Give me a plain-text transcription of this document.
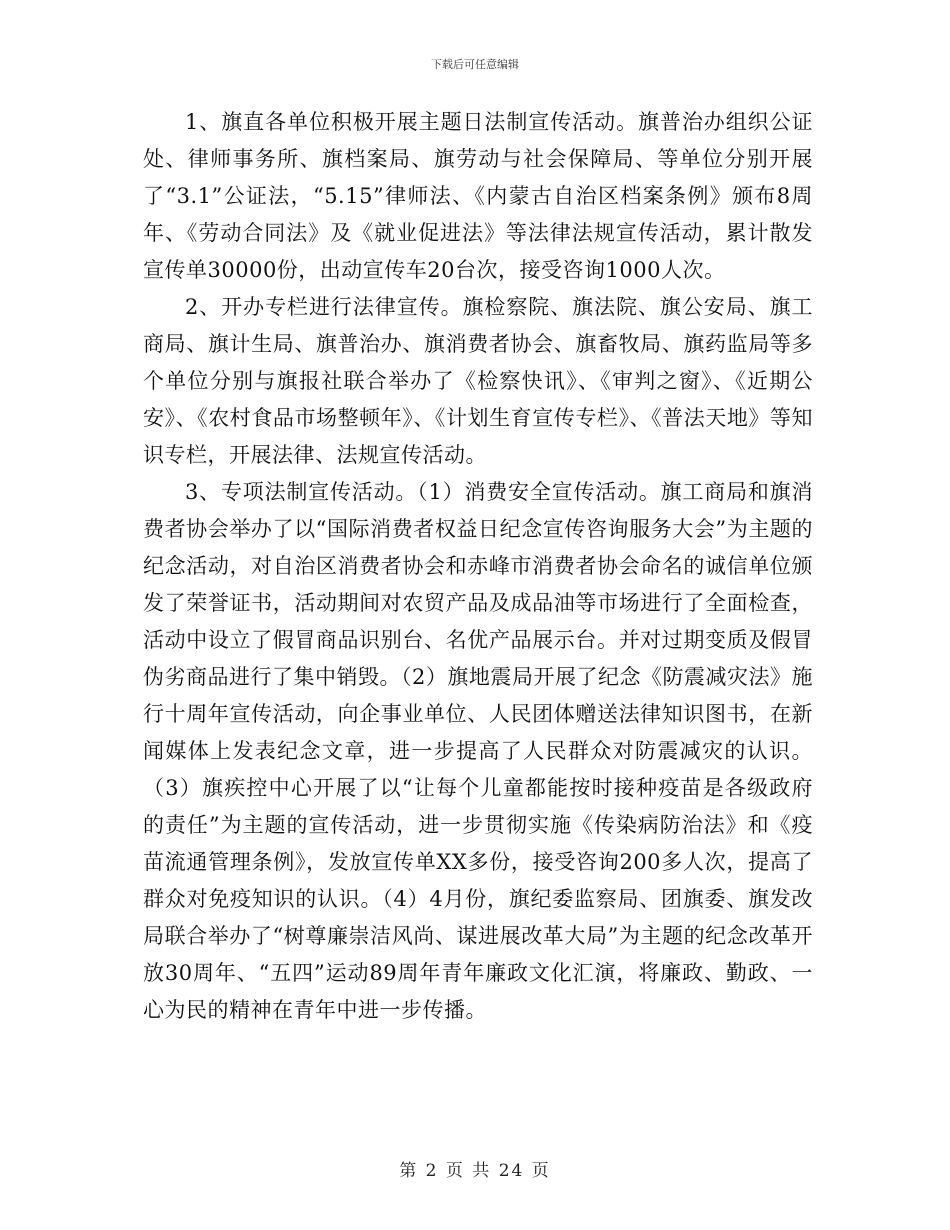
下载后可任意编辑

1、旗直各单位积极开展主题日法制宣传活动。旗普治办组织公证处、律师事务所、旗档案局、旗劳动与社会保障局、等单位分别开展了“3.1”公证法，“5.15”律师法、《内蒙古自治区档案条例》颁布8周年、《劳动合同法》及《就业促进法》等法律法规宣传活动，累计散发宣传单30000份，出动宣传车20台次，接受咨询1000人次。

2、开办专栏进行法律宣传。旗检察院、旗法院、旗公安局、旗工商局、旗计生局、旗普治办、旗消费者协会、旗畜牧局、旗药监局等多个单位分别与旗报社联合举办了《检察快讯》、《审判之窗》、《近期公安》、《农村食品市场整顿年》、《计划生育宣传专栏》、《普法天地》等知识专栏，开展法律、法规宣传活动。

3、专项法制宣传活动。（1）消费安全宣传活动。旗工商局和旗消费者协会举办了以“国际消费者权益日纪念宣传咨询服务大会”为主题的纪念活动，对自治区消费者协会和赤峰市消费者协会命名的诚信单位颁发了荣誉证书，活动期间对农贸产品及成品油等市场进行了全面检查，活动中设立了假冒商品识别台、名优产品展示台。并对过期变质及假冒伪劣商品进行了集中销毁。（2）旗地震局开展了纪念《防震减灾法》施行十周年宣传活动，向企事业单位、人民团体赠送法律知识图书，在新闻媒体上发表纪念文章，进一步提高了人民群众对防震减灾的认识。（3）旗疾控中心开展了以“让每个儿童都能按时接种疫苗是各级政府的责任”为主题的宣传活动，进一步贯彻实施《传染病防治法》和《疫苗流通管理条例》，发放宣传单XX多份，接受咨询200多人次，提高了群众对免疫知识的认识。（4）4月份，旗纪委监察局、团旗委、旗发改局联合举办了“树尊廉崇洁风尚、谋进展改革大局”为主题的纪念改革开放30周年、“五四”运动89周年青年廉政文化汇演，将廉政、勤政、一心为民的精神在青年中进一步传播。

第 2 页 共 24 页
